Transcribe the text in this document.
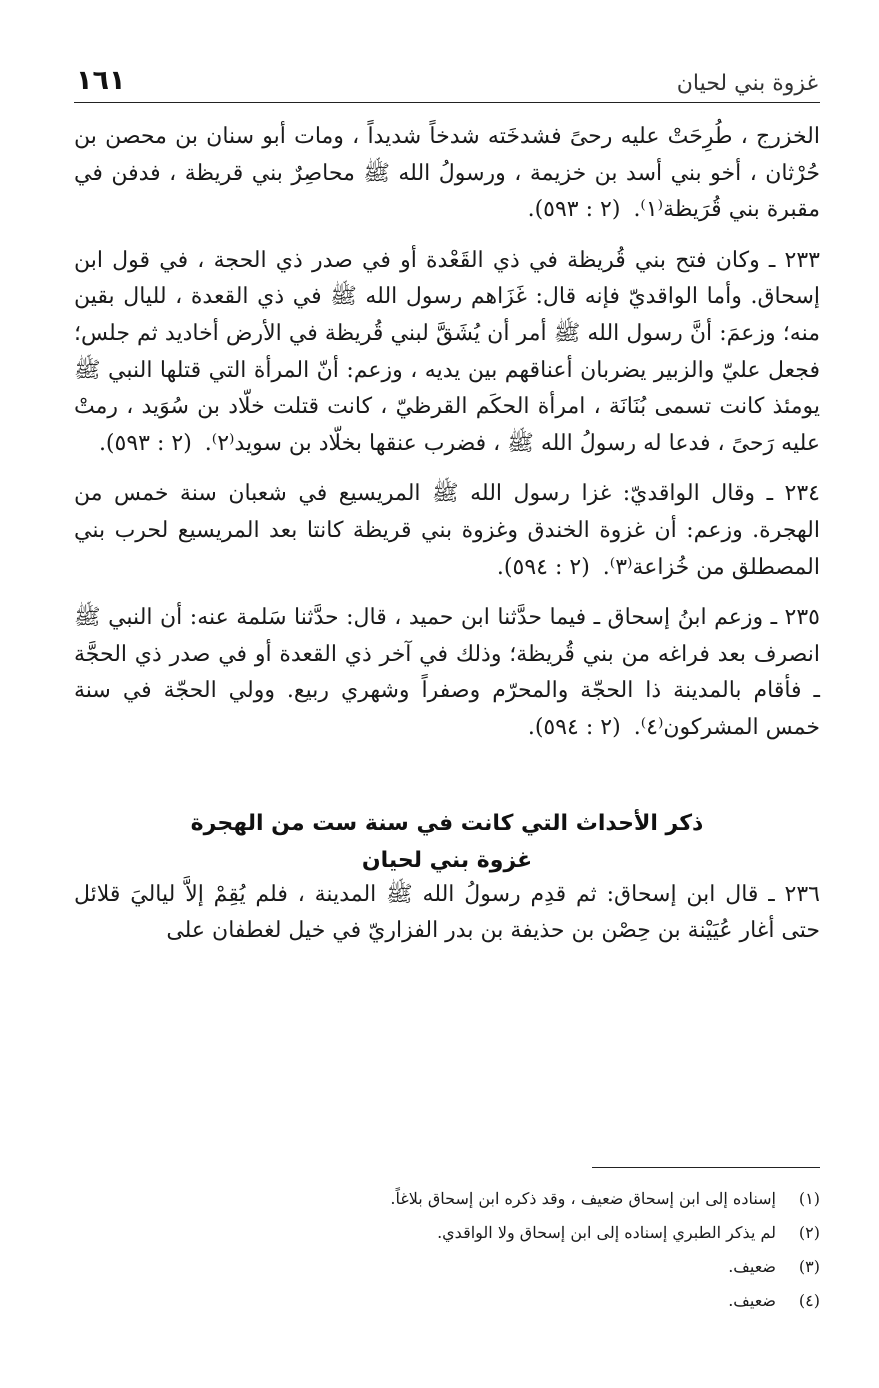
غزوة بني لحيان
١٦١

الخزرج ، طُرِحَتْ عليه رحىً فشدخَته شدخاً شديداً ، ومات أبو سنان بن محصن بن حُرْثان ، أخو بني أسد بن خزيمة ، ورسولُ الله ﷺ محاصِرٌ بني قريظة ، فدفن في مقبرة بني قُرَيظة⁽١⁾. (٢ : ٥٩٣).

٢٣٣ ـ وكان فتح بني قُريظة في ذي القَعْدة أو في صدر ذي الحجة ، في قول ابن إسحاق. وأما الواقديّ فإنه قال: غَزَاهم رسول الله ﷺ في ذي القعدة ، لليال بقين منه؛ وزعمَ: أنَّ رسول الله ﷺ أمر أن يُشَقَّ لبني قُريظة في الأرض أخاديد ثم جلس؛ فجعل عليّ والزبير يضربان أعناقهم بين يديه ، وزعم: أنّ المرأة التي قتلها النبي ﷺ يومئذ كانت تسمى بُنَانَة ، امرأة الحكَم القرظيّ ، كانت قتلت خلّاد بن سُوَيد ، رمتْ عليه رَحىً ، فدعا له رسولُ الله ﷺ ، فضرب عنقها بخلّاد بن سويد⁽٢⁾. (٢ : ٥٩٣).

٢٣٤ ـ وقال الواقديّ: غزا رسول الله ﷺ المريسيع في شعبان سنة خمس من الهجرة. وزعم: أن غزوة الخندق وغزوة بني قريظة كانتا بعد المريسيع لحرب بني المصطلق من خُزاعة⁽٣⁾. (٢ : ٥٩٤).

٢٣٥ ـ وزعم ابنُ إسحاق ـ فيما حدَّثنا ابن حميد ، قال: حدَّثنا سَلمة عنه: أن النبي ﷺ انصرف بعد فراغه من بني قُريظة؛ وذلك في آخر ذي القعدة أو في صدر ذي الحجَّة ـ فأقام بالمدينة ذا الحجّة والمحرّم وصفراً وشهري ربيع. وولي الحجّة في سنة خمس المشركون⁽٤⁾. (٢ : ٥٩٤).

ذكر الأحداث التي كانت في سنة ست من الهجرة
غزوة بني لحيان

٢٣٦ ـ قال ابن إسحاق: ثم قدِم رسولُ الله ﷺ المدينة ، فلم يُقِمْ إلاَّ لياليَ قلائل حتى أغار عُيَيْنة بن حِصْن بن حذيفة بن بدر الفزاريّ في خيل لغطفان على

(١)
إسناده إلى ابن إسحاق ضعيف ، وقد ذكره ابن إسحاق بلاغاً.
(٢)
لم يذكر الطبري إسناده إلى ابن إسحاق ولا الواقدي.
(٣)
ضعيف.
(٤)
ضعيف.
